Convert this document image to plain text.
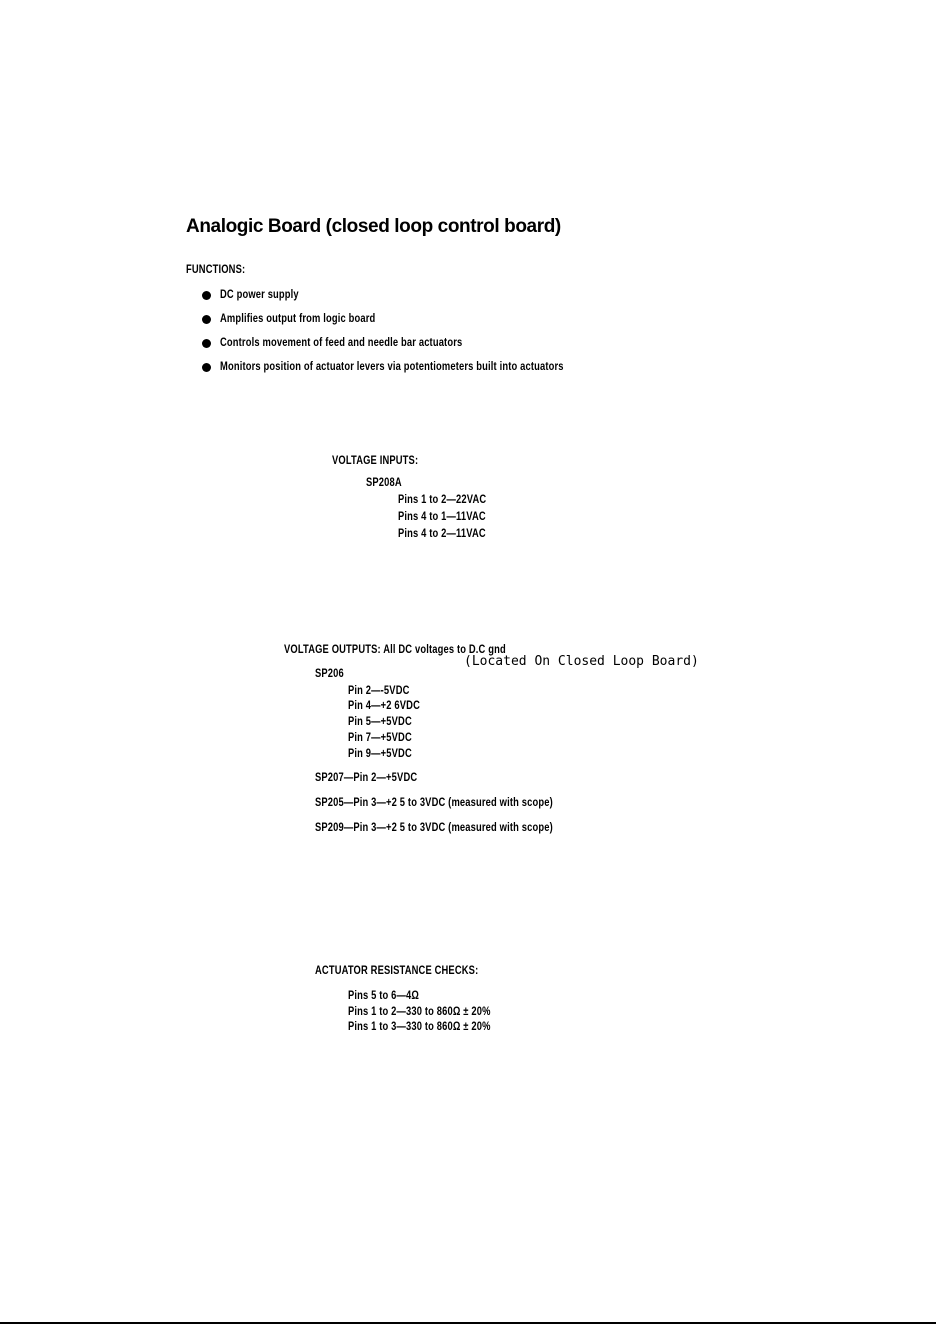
Analogic Board (closed loop control board)
FUNCTIONS:
DC power supply
Amplifies output from logic board
Controls movement of feed and needle bar actuators
Monitors position of actuator levers via potentiometers built into actuators
VOLTAGE INPUTS:
SP208A
Pins 1 to 2—22VAC
Pins 4 to 1—11VAC
Pins 4 to 2—11VAC
VOLTAGE OUTPUTS: All DC voltages to D.C gnd
(Located On Closed Loop Board)
SP206
Pin 2—-5VDC
Pin 4—+2 6VDC
Pin 5—+5VDC
Pin 7—+5VDC
Pin 9—+5VDC
SP207—Pin 2—+5VDC
SP205—Pin 3—+2 5 to 3VDC (measured with scope)
SP209—Pin 3—+2 5 to 3VDC (measured with scope)
ACTUATOR RESISTANCE CHECKS:
Pins 5 to 6—4Ω
Pins 1 to 2—330 to 860Ω ± 20%
Pins 1 to 3—330 to 860Ω ± 20%
